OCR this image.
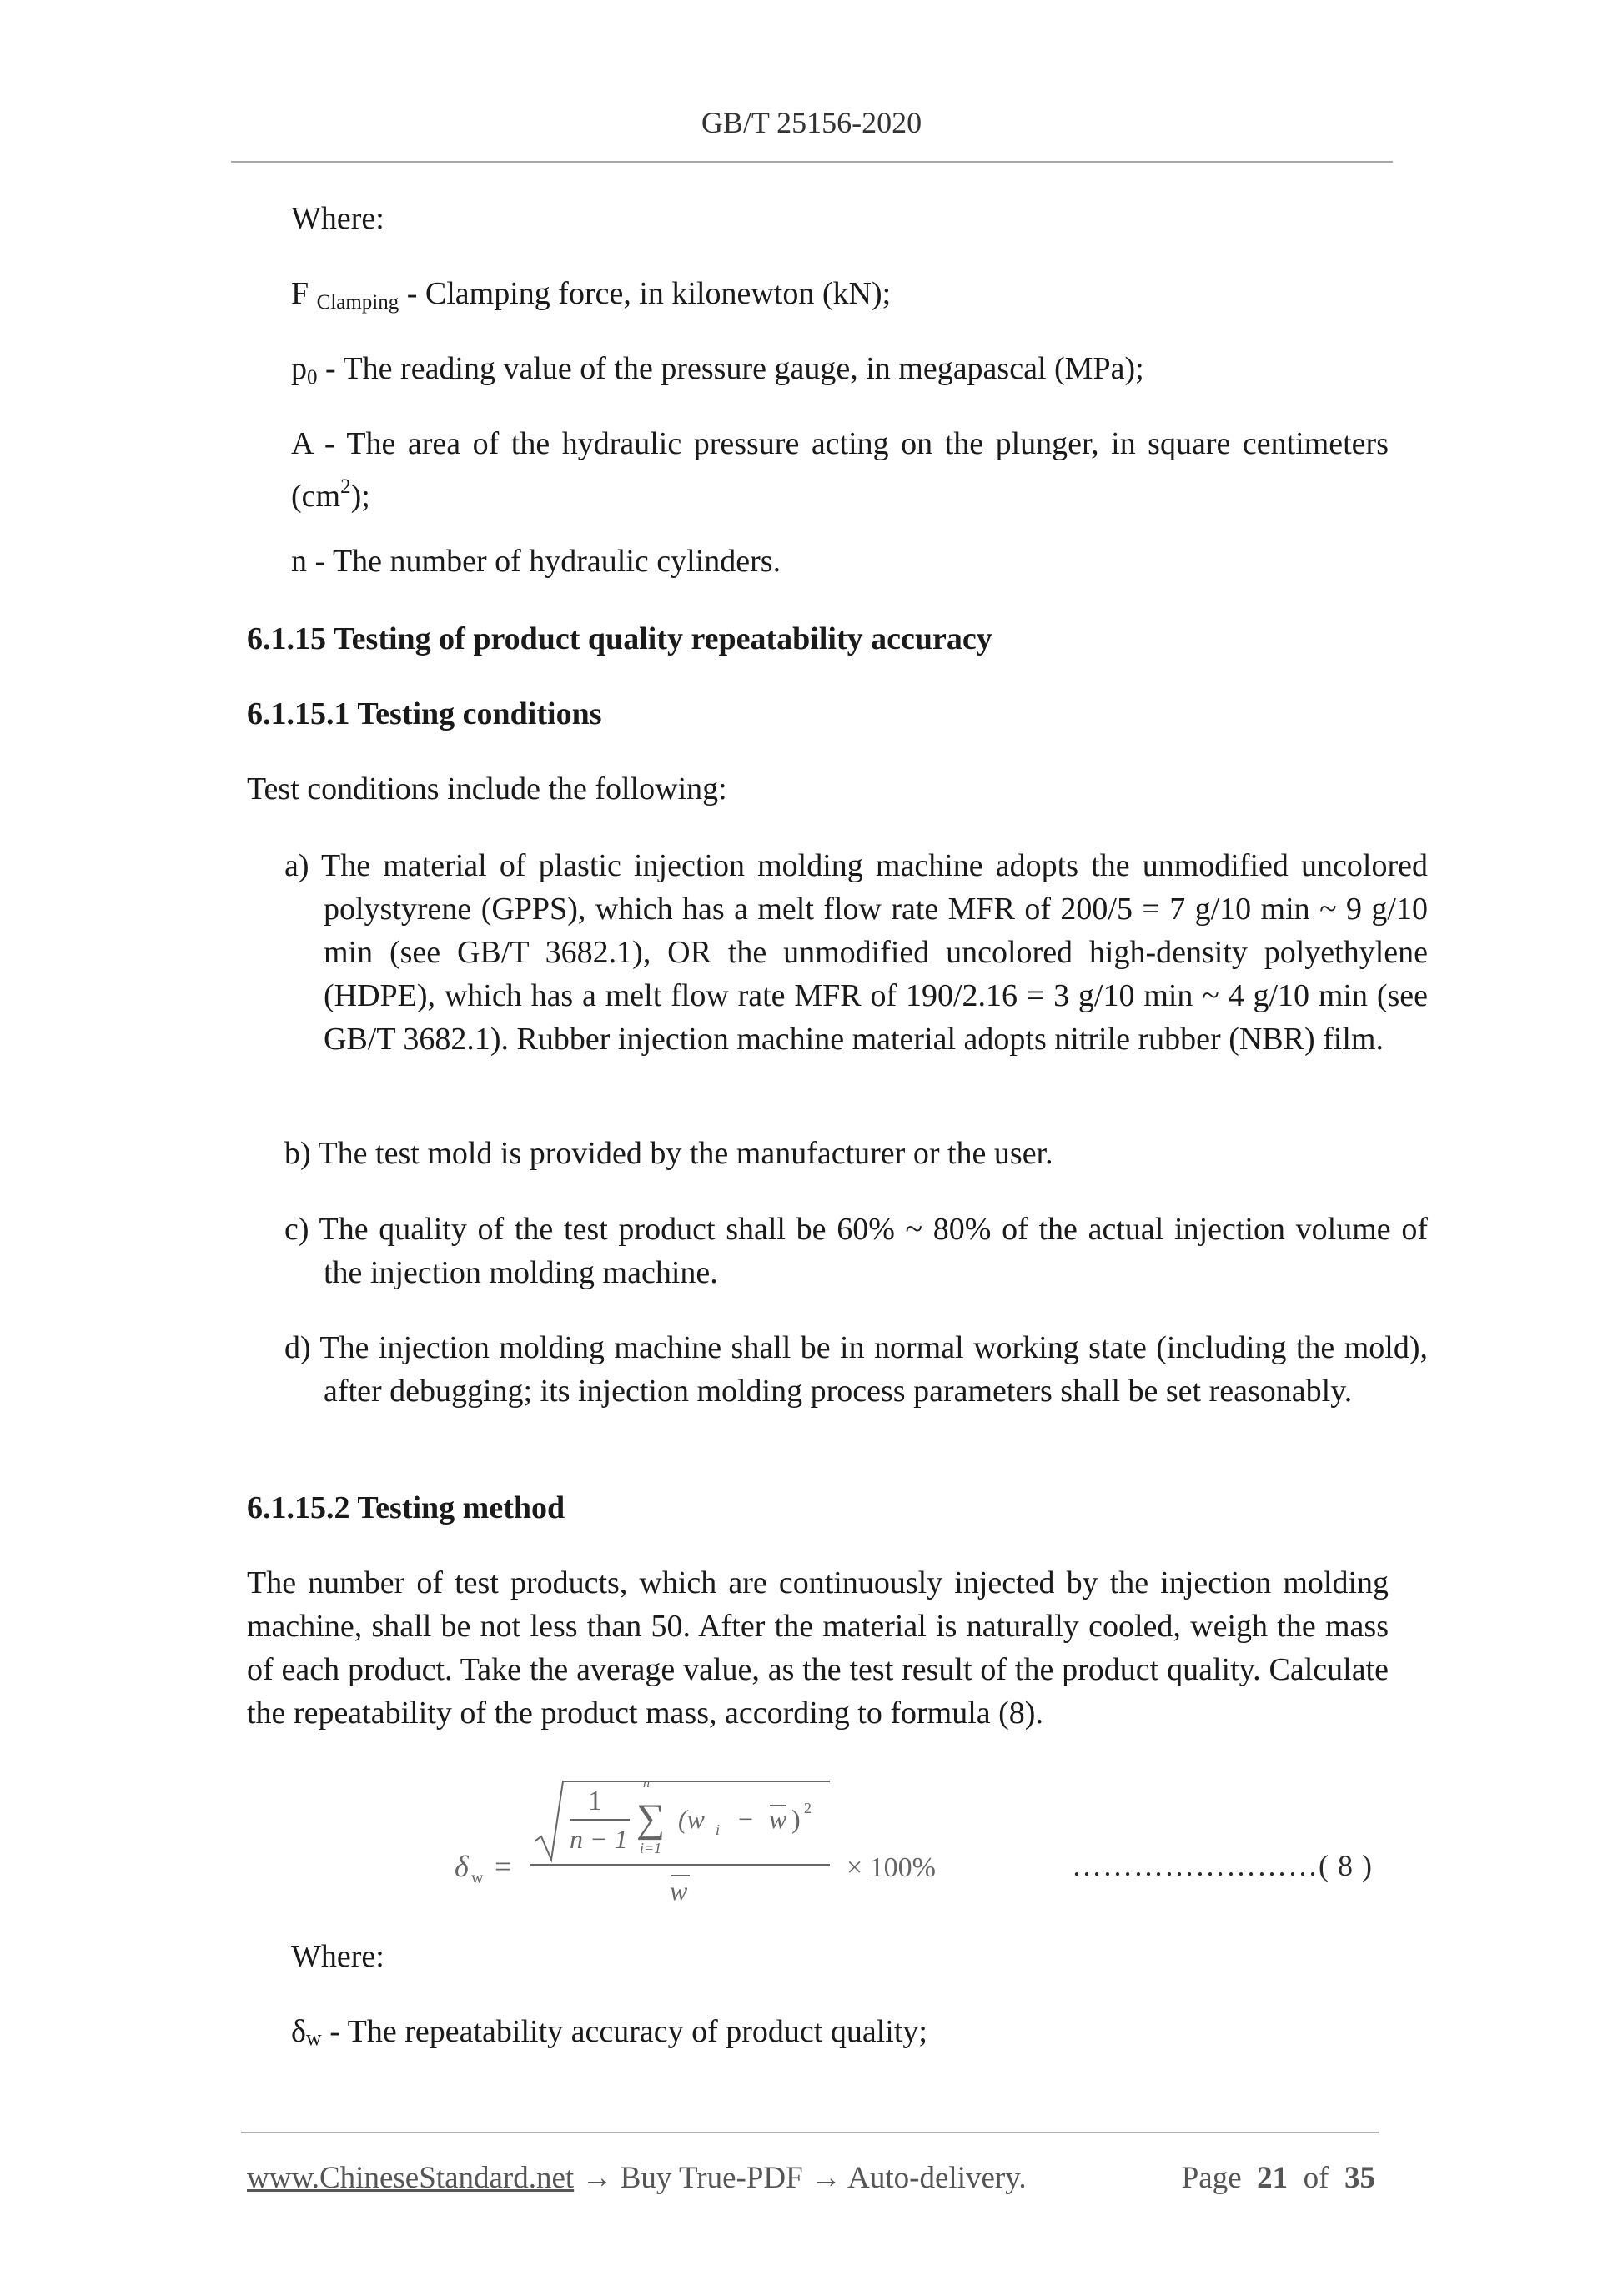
GB/T 25156-2020

Where:

F $_{Clamping}$ - Clamping force, in kilonewton (kN);

$p_0$ - The reading value of the pressure gauge, in megapascal (MPa);

A - The area of the hydraulic pressure acting on the plunger, in square centimeters $(cm^2)$;

n - The number of hydraulic cylinders.

6.1.15 Testing of product quality repeatability accuracy

6.1.15.1 Testing conditions

Test conditions include the following:

a) The material of plastic injection molding machine adopts the unmodified uncolored polystyrene (GPPS), which has a melt flow rate MFR of 200/5 = 7 g/10 min ~ 9 g/10 min (see GB/T 3682.1), OR the unmodified uncolored high-density polyethylene (HDPE), which has a melt flow rate MFR of 190/2.16 = 3 g/10 min ~ 4 g/10 min (see GB/T 3682.1). Rubber injection machine material adopts nitrile rubber (NBR) film.

b) The test mold is provided by the manufacturer or the user.

c) The quality of the test product shall be 60% ~ 80% of the actual injection volume of the injection molding machine.

d) The injection molding machine shall be in normal working state (including the mold), after debugging; its injection molding process parameters shall be set reasonably.

6.1.15.2 Testing method

The number of test products, which are continuously injected by the injection molding machine, shall be not less than 50. After the material is naturally cooled, weigh the mass of each product. Take the average value, as the test result of the product quality. Calculate the repeatability of the product mass, according to formula (8).

δ w =
1
n − 1
n
∑
i=1
(w i − w ) 2
w
× 100%	……………………( 8 )

Where:

δw - The repeatability accuracy of product quality;

www.ChineseStandard.net → Buy True-PDF → Auto-delivery.	Page 21 of 35
